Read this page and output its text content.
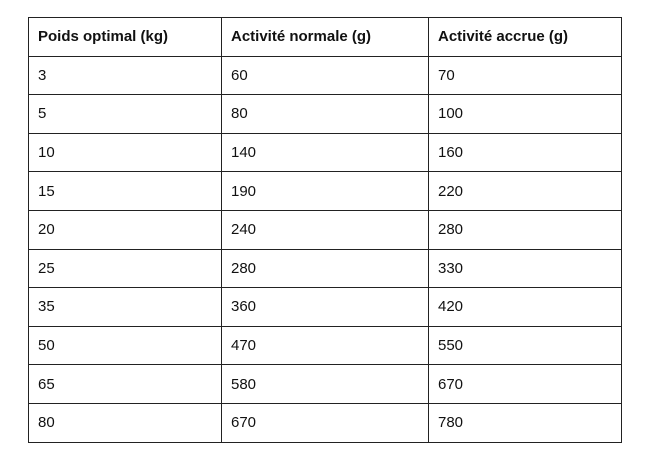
Poids optimal (kg)	Activité normale (g)	Activité accrue (g)
3	60	70
5	80	100
10	140	160
15	190	220
20	240	280
25	280	330
35	360	420
50	470	550
65	580	670
80	670	780
